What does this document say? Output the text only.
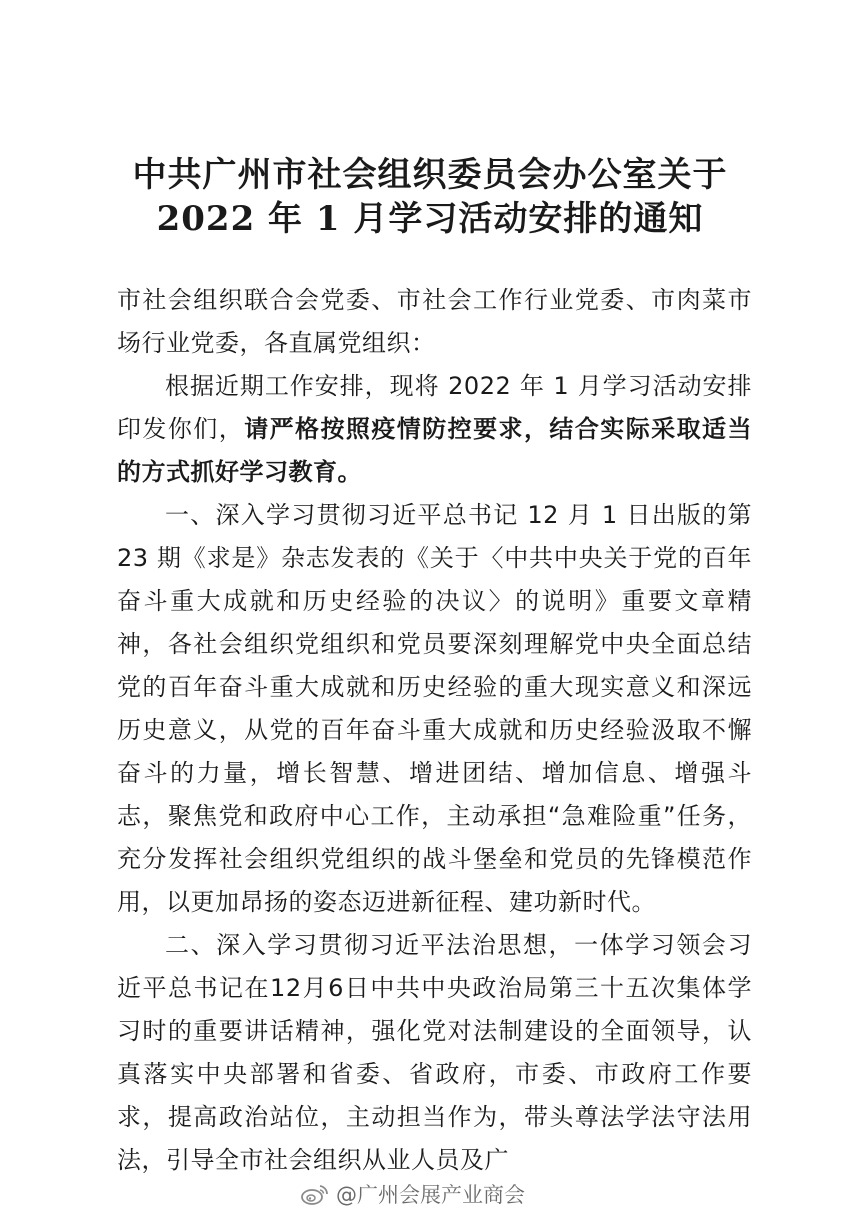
中共广州市社会组织委员会办公室关于
2022 年 1 月学习活动安排的通知

市社会组织联合会党委、市社会工作行业党委、市肉菜市场行业党委，各直属党组织：

根据近期工作安排，现将 2022 年 1 月学习活动安排印发你们，请严格按照疫情防控要求，结合实际采取适当的方式抓好学习教育。

一、深入学习贯彻习近平总书记 12 月 1 日出版的第 23 期《求是》杂志发表的《关于〈中共中央关于党的百年奋斗重大成就和历史经验的决议〉的说明》重要文章精神，各社会组织党组织和党员要深刻理解党中央全面总结党的百年奋斗重大成就和历史经验的重大现实意义和深远历史意义，从党的百年奋斗重大成就和历史经验汲取不懈奋斗的力量，增长智慧、增进团结、增加信息、增强斗志，聚焦党和政府中心工作，主动承担“急难险重”任务，充分发挥社会组织党组织的战斗堡垒和党员的先锋模范作用，以更加昂扬的姿态迈进新征程、建功新时代。

二、深入学习贯彻习近平法治思想，一体学习领会习近平总书记在12月6日中共中央政治局第三十五次集体学习时的重要讲话精神，强化党对法制建设的全面领导，认真落实中央部署和省委、省政府，市委、市政府工作要求，提高政治站位，主动担当作为，带头尊法学法守法用法，引导全市社会组织从业人员及广

@广州会展产业商会
